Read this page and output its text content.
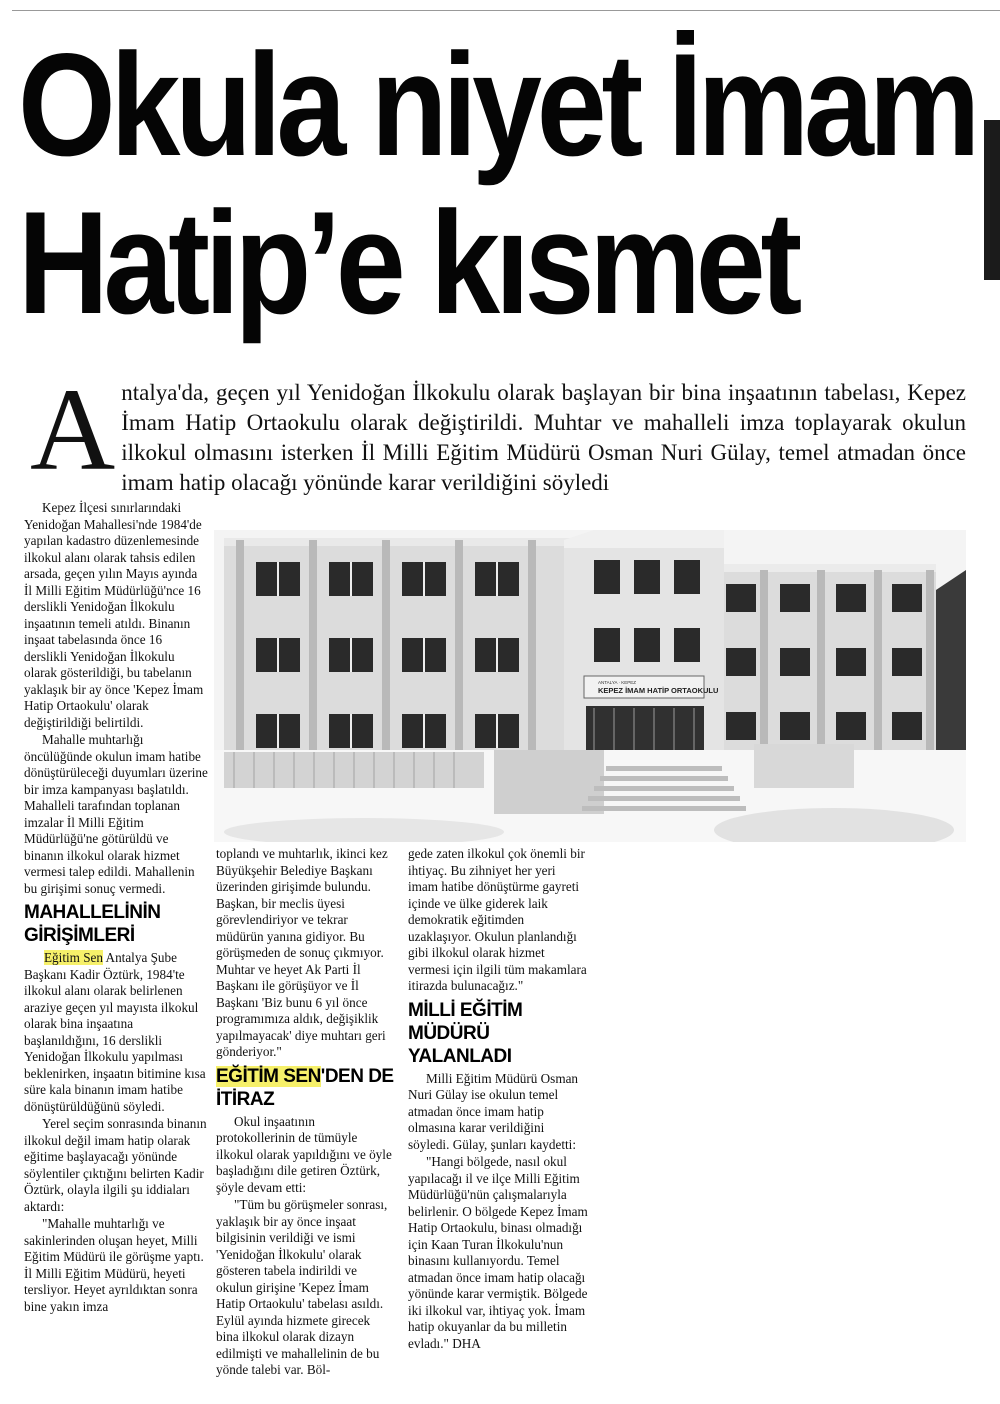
Okula niyet İmam
Hatip’e kısmet

Antalya'da, geçen yıl Yenidoğan İlkokulu olarak başlayan bir bina inşaatının tabelası, Kepez İmam Hatip Ortaokulu olarak değiştirildi. Muhtar ve mahalleli imza toplayarak okulun ilkokul olmasını isterken İl Milli Eğitim Müdürü Osman Nuri Gülay, temel atmadan önce imam hatip olacağı yönünde karar verildiğini söyledi

Kepez İlçesi sınırlarındaki Yenidoğan Mahallesi'nde 1984'de yapılan kadastro düzenlemesinde ilkokul alanı olarak tahsis edilen arsada, geçen yılın Mayıs ayında İl Milli Eğitim Müdürlüğü'nce 16 derslikli Yenidoğan İlkokulu inşaatının temeli atıldı. Binanın inşaat tabelasında önce 16 derslikli Yenidoğan İlkokulu olarak gösterildiği, bu tabelanın yaklaşık bir ay önce 'Kepez İmam Hatip Ortaokulu' olarak değiştirildiği belirtildi.

Mahalle muhtarlığı öncülüğünde okulun imam hatibe dönüştürüleceği duyumları üzerine bir imza kampanyası başlatıldı. Mahalleli tarafından toplanan imzalar İl Milli Eğitim Müdürlüğü'ne götürüldü ve binanın ilkokul olarak hizmet vermesi talep edildi. Mahallenin bu girişimi sonuç vermedi.

MAHALLELİNİN GİRİŞİMLERİ

Eğitim Sen Antalya Şube Başkanı Kadir Öztürk, 1984'te ilkokul alanı olarak belirlenen araziye geçen yıl mayısta ilkokul olarak bina inşaatına başlanıldığını, 16 derslikli Yenidoğan İlkokulu yapılması beklenirken, inşaatın bitimine kısa süre kala binanın imam hatibe dönüştürüldüğünü söyledi.

Yerel seçim sonrasında binanın ilkokul değil imam hatip olarak eğitime başlayacağı yönünde söylentiler çıktığını belirten Kadir Öztürk, olayla ilgili şu iddiaları aktardı:

"Mahalle muhtarlığı ve sakinlerinden oluşan heyet, Milli Eğitim Müdürü ile görüşme yaptı. İl Milli Eğitim Müdürü, heyeti tersliyor. Heyet ayrıldıktan sonra bine yakın imza

ANTALYA · KEPEZ
KEPEZ İMAM HATİP ORTAOKULU

toplandı ve muhtarlık, ikinci kez Büyükşehir Belediye Başkanı üzerinden girişimde bulundu. Başkan, bir meclis üyesi görevlendiriyor ve tekrar müdürün yanına gidiyor. Bu görüşmeden de sonuç çıkmıyor. Muhtar ve heyet Ak Parti İl Başkanı ile görüşüyor ve İl Başkanı 'Biz bunu 6 yıl önce programımıza aldık, değişiklik yapılmayacak' diye muhtarı geri gönderiyor."

EĞİTİM SEN'DEN DE İTİRAZ

Okul inşaatının protokollerinin de tümüyle ilkokul olarak yapıldığını ve öyle başladığını dile getiren Öztürk, şöyle devam etti:

"Tüm bu görüşmeler sonrası, yaklaşık bir ay önce inşaat bilgisinin verildiği ve ismi 'Yenidoğan İlkokulu' olarak gösteren tabela indirildi ve okulun girişine 'Kepez İmam Hatip Ortaokulu' tabelası asıldı. Eylül ayında hizmete girecek bina ilkokul olarak dizayn edilmişti ve mahallelinin de bu yönde talebi var. Böl-

gede zaten ilkokul çok önemli bir ihtiyaç. Bu zihniyet her yeri imam hatibe dönüştürme gayreti içinde ve ülke giderek laik demokratik eğitimden uzaklaşıyor. Okulun planlandığı gibi ilkokul olarak hizmet vermesi için ilgili tüm makamlara itirazda bulunacağız."

MİLLİ EĞİTİM MÜDÜRÜ YALANLADI

Milli Eğitim Müdürü Osman Nuri Gülay ise okulun temel atmadan önce imam hatip olmasına karar verildiğini söyledi. Gülay, şunları kaydetti:

"Hangi bölgede, nasıl okul yapılacağı il ve ilçe Milli Eğitim Müdürlüğü'nün çalışmalarıyla belirlenir. O bölgede Kepez İmam Hatip Ortaokulu, binası olmadığı için Kaan Turan İlkokulu'nun binasını kullanıyordu. Temel atmadan önce imam hatip olacağı yönünde karar vermiştik. Bölgede iki ilkokul var, ihtiyaç yok. İmam hatip okuyanlar da bu milletin evladı." DHA
